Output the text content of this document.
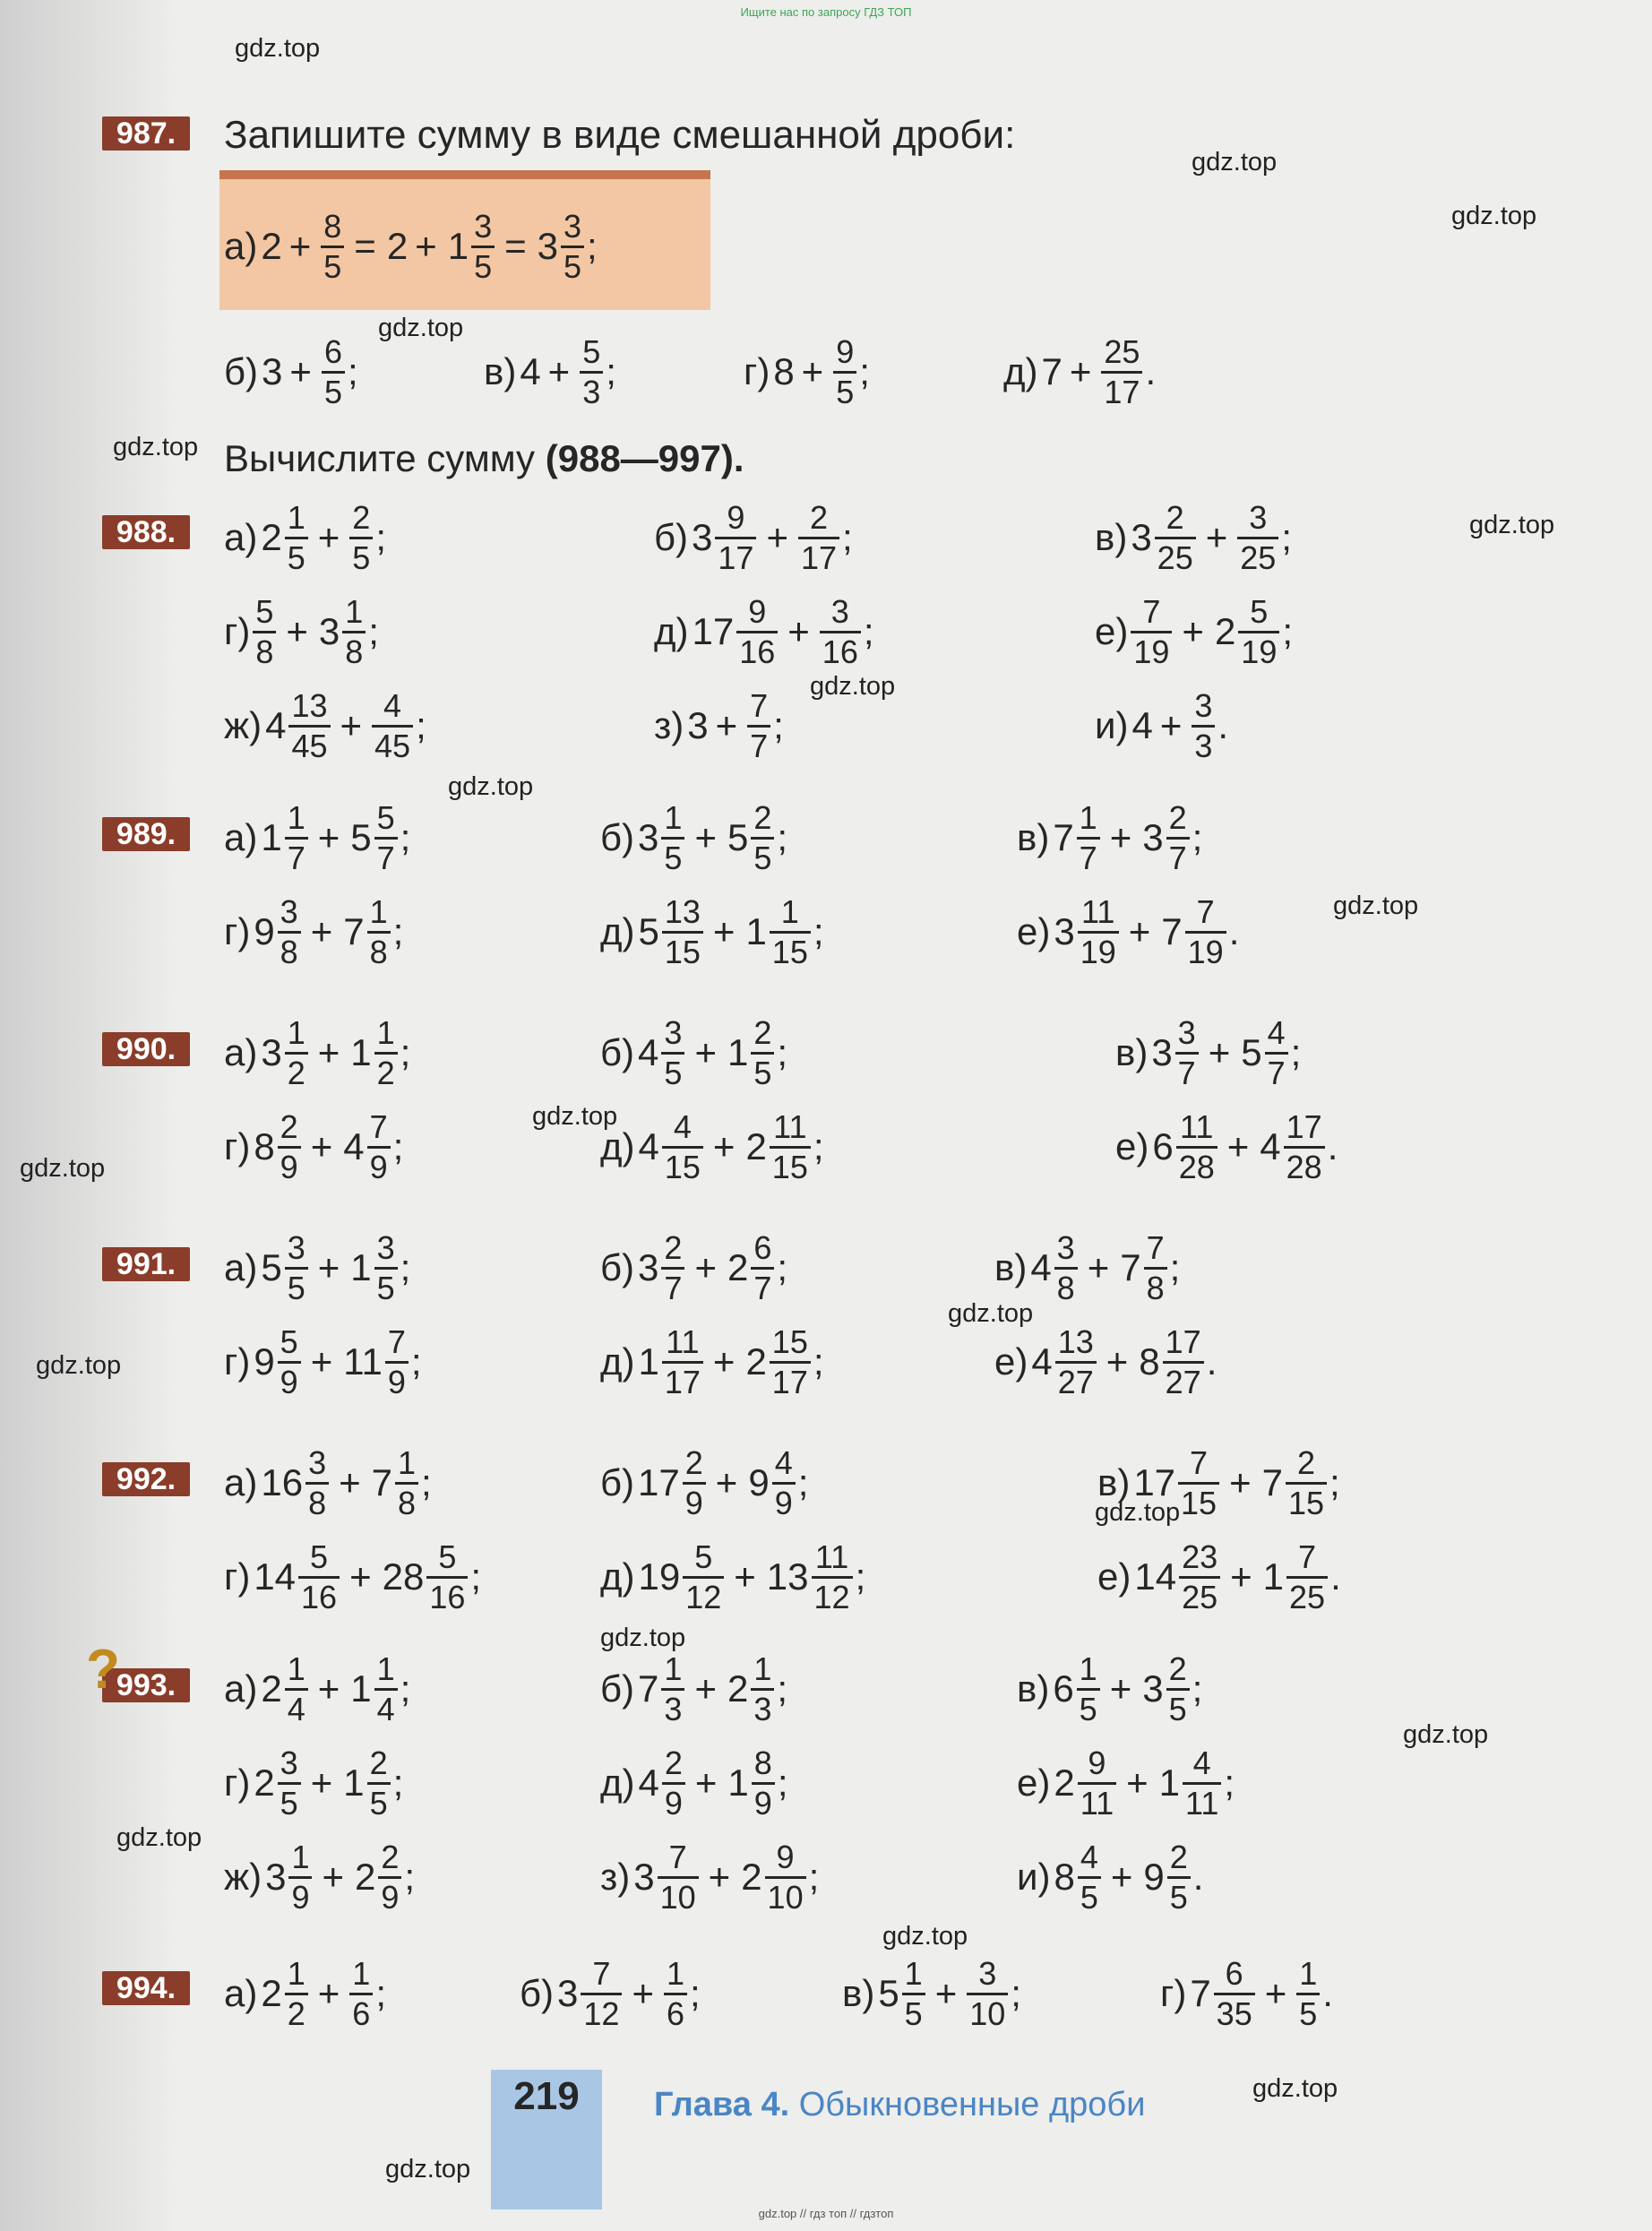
Ищите нас по запросу ГДЗ ТОП
Запишите сумму в виде смешанной дроби:
Вычислите сумму (988—997).
987.
а) $2 + \frac{8}{5} = 2 + 1 \frac{3}{5} = 3 \frac{3}{5}$ ;
б) $3 + \frac{6}{5}$ ;	в) $4 + \frac{5}{3}$ ;	г) $8 + \frac{9}{5}$ ;	д) $7 + \frac{25}{17}$ .
988.	а) $2 \frac{1}{5} + \frac{2}{5}$ ;	б) $3 \frac{9}{17} + \frac{2}{17}$ ;	в) $3 \frac{2}{25} + \frac{3}{25}$ ;
$г) \frac{5}{8} + 3 \frac{1}{8}$ ;	д) $17 \frac{9}{16} + \frac{3}{16}$ ;	$е) \frac{7}{19} + 2 \frac{5}{19}$ ;
ж) $4 \frac{13}{45} + \frac{4}{45}$ ;	з) $3 + \frac{7}{7}$ ;	и) $4 + \frac{3}{3}$ .
989.	а) $1 \frac{1}{7} + 5 \frac{5}{7}$ ;	б) $3 \frac{1}{5} + 5 \frac{2}{5}$ ;	в) $7 \frac{1}{7} + 3 \frac{2}{7}$ ;
г) $9 \frac{3}{8} + 7 \frac{1}{8}$ ;	д) $5 \frac{13}{15} + 1 \frac{1}{15}$ ;	е) $3 \frac{11}{19} + 7 \frac{7}{19}$ .
990.	а) $3 \frac{1}{2} + 1 \frac{1}{2}$ ;	б) $4 \frac{3}{5} + 1 \frac{2}{5}$ ;	в) $3 \frac{3}{7} + 5 \frac{4}{7}$ ;
г) $8 \frac{2}{9} + 4 \frac{7}{9}$ ;	д) $4 \frac{4}{15} + 2 \frac{11}{15}$ ;	е) $6 \frac{11}{28} + 4 \frac{17}{28}$ .
991.	а) $5 \frac{3}{5} + 1 \frac{3}{5}$ ;	б) $3 \frac{2}{7} + 2 \frac{6}{7}$ ;	в) $4 \frac{3}{8} + 7 \frac{7}{8}$ ;
г) $9 \frac{5}{9} + 11 \frac{7}{9}$ ;	д) $1 \frac{11}{17} + 2 \frac{15}{17}$ ;	е) $4 \frac{13}{27} + 8 \frac{17}{27}$ .
992.	а) $16 \frac{3}{8} + 7 \frac{1}{8}$ ;	б) $17 \frac{2}{9} + 9 \frac{4}{9}$ ;	в) $17 \frac{7}{15} + 7 \frac{2}{15}$ ;
г) $14 \frac{5}{16} + 28 \frac{5}{16}$ ;	д) $19 \frac{5}{12} + 13 \frac{11}{12}$ ;	е) $14 \frac{23}{25} + 1 \frac{7}{25}$ .
993.	а) $2 \frac{1}{4} + 1 \frac{1}{4}$ ;	б) $7 \frac{1}{3} + 2 \frac{1}{3}$ ;	в) $6 \frac{1}{5} + 3 \frac{2}{5}$ ;
г) $2 \frac{3}{5} + 1 \frac{2}{5}$ ;	д) $4 \frac{2}{9} + 1 \frac{8}{9}$ ;	е) $2 \frac{9}{11} + 1 \frac{4}{11}$ ;
ж) $3 \frac{1}{9} + 2 \frac{2}{9}$ ;	з) $3 \frac{7}{10} + 2 \frac{9}{10}$ ;	и) $8 \frac{4}{5} + 9 \frac{2}{5}$ .
994.	а) $2 \frac{1}{2} + \frac{1}{6}$ ;	б) $3 \frac{7}{12} + \frac{1}{6}$ ;	в) $5 \frac{1}{5} + \frac{3}{10}$ ;	г) $7 \frac{6}{35} + \frac{1}{5}$ .
?
219	Глава 4. Обыкновенные дроби
gdz.top
gdz.top
gdz.top
gdz.top
gdz.top
gdz.top
gdz.top
gdz.top
gdz.top
gdz.top
gdz.top
gdz.top
gdz.top
gdz.top
gdz.top
gdz.top
gdz.top
gdz.top
gdz.top
gdz.top
gdz.top // гдз топ // гдзтоп
